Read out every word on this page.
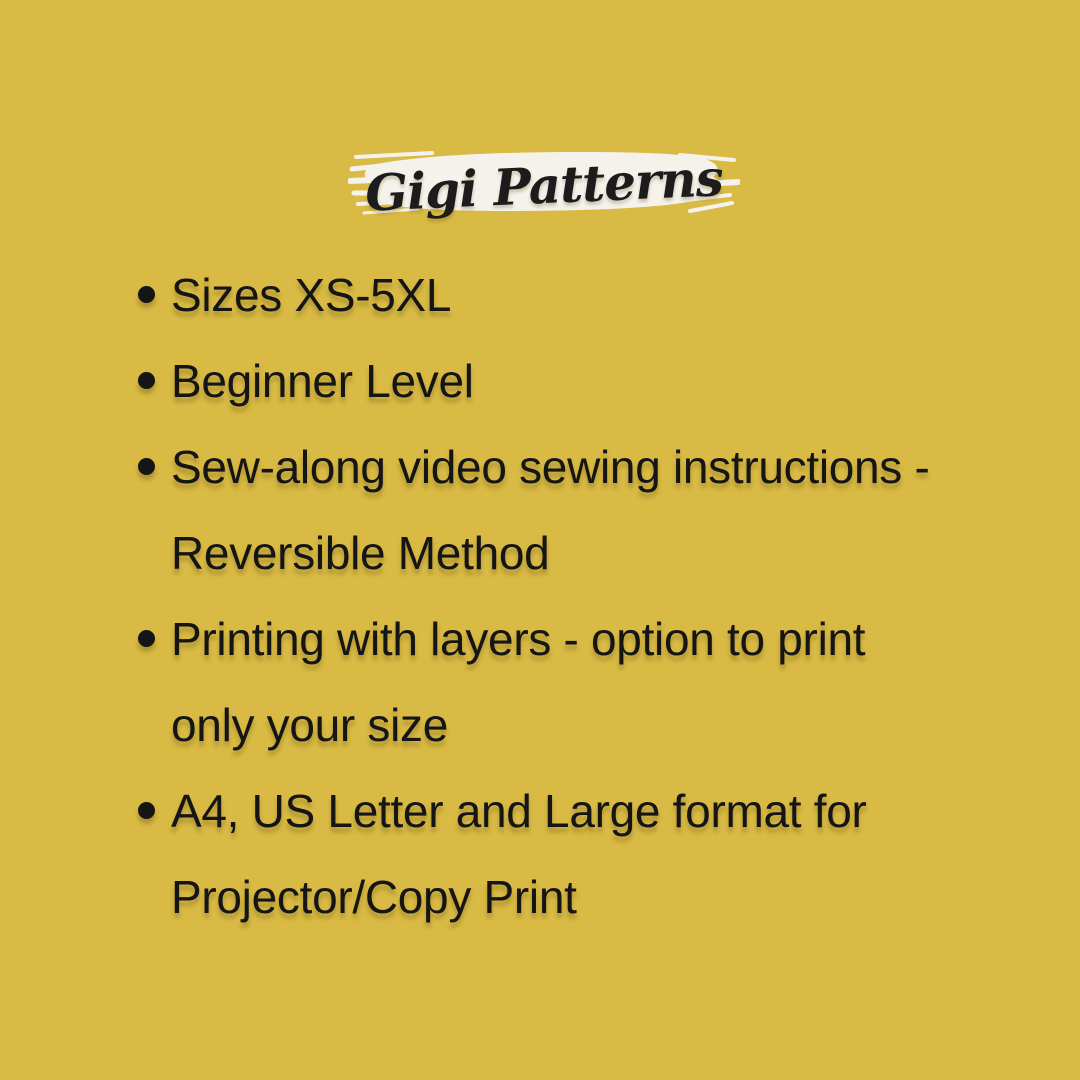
Gigi Patterns
Sizes XS-5XL
Beginner Level
Sew-along video sewing instructions -
Reversible Method
Printing with layers - option to print
only your size
A4, US Letter and Large format for
Projector/Copy Print
